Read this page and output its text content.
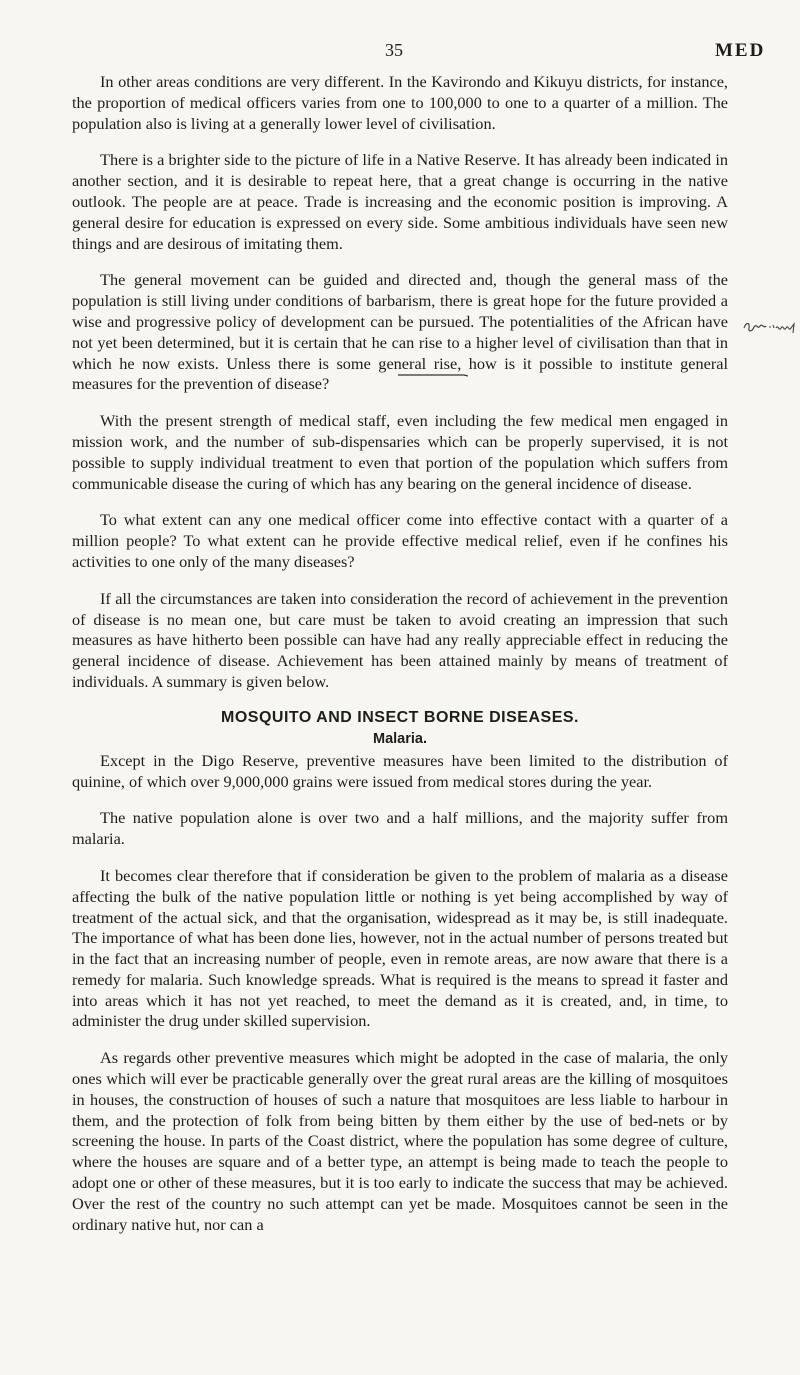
35	MED

In other areas conditions are very different. In the Kavirondo and Kikuyu districts, for instance, the proportion of medical officers varies from one to 100,000 to one to a quarter of a million. The population also is living at a generally lower level of civilisation.

There is a brighter side to the picture of life in a Native Reserve. It has already been indicated in another section, and it is desirable to repeat here, that a great change is occurring in the native outlook. The people are at peace. Trade is increasing and the economic position is improving. A general desire for education is expressed on every side. Some ambitious individuals have seen new things and are desirous of imitating them.

The general movement can be guided and directed and, though the general mass of the population is still living under conditions of barbarism, there is great hope for the future provided a wise and progressive policy of development can be pursued. The potentialities of the African have not yet been determined, but it is certain that he can rise to a higher level of civilisation than that in which he now exists. Unless there is some general rise, how is it possible to institute general measures for the prevention of disease?

With the present strength of medical staff, even including the few medical men engaged in mission work, and the number of sub-dispensaries which can be properly supervised, it is not possible to supply individual treatment to even that portion of the population which suffers from communicable disease the curing of which has any bearing on the general incidence of disease.

To what extent can any one medical officer come into effective contact with a quarter of a million people? To what extent can he provide effective medical relief, even if he confines his activities to one only of the many diseases?

If all the circumstances are taken into consideration the record of achievement in the prevention of disease is no mean one, but care must be taken to avoid creating an impression that such measures as have hitherto been possible can have had any really appreciable effect in reducing the general incidence of disease. Achievement has been attained mainly by means of treatment of individuals. A summary is given below.

MOSQUITO AND INSECT BORNE DISEASES.
Malaria.

Except in the Digo Reserve, preventive measures have been limited to the distribution of quinine, of which over 9,000,000 grains were issued from medical stores during the year.

The native population alone is over two and a half millions, and the majority suffer from malaria.

It becomes clear therefore that if consideration be given to the problem of malaria as a disease affecting the bulk of the native population little or nothing is yet being accomplished by way of treatment of the actual sick, and that the organisation, widespread as it may be, is still inadequate. The importance of what has been done lies, however, not in the actual number of persons treated but in the fact that an increasing number of people, even in remote areas, are now aware that there is a remedy for malaria. Such knowledge spreads. What is required is the means to spread it faster and into areas which it has not yet reached, to meet the demand as it is created, and, in time, to administer the drug under skilled supervision.

As regards other preventive measures which might be adopted in the case of malaria, the only ones which will ever be practicable generally over the great rural areas are the killing of mosquitoes in houses, the construction of houses of such a nature that mosquitoes are less liable to harbour in them, and the protection of folk from being bitten by them either by the use of bed-nets or by screening the house. In parts of the Coast district, where the population has some degree of culture, where the houses are square and of a better type, an attempt is being made to teach the people to adopt one or other of these measures, but it is too early to indicate the success that may be achieved. Over the rest of the country no such attempt can yet be made. Mosquitoes cannot be seen in the ordinary native hut, nor can a
